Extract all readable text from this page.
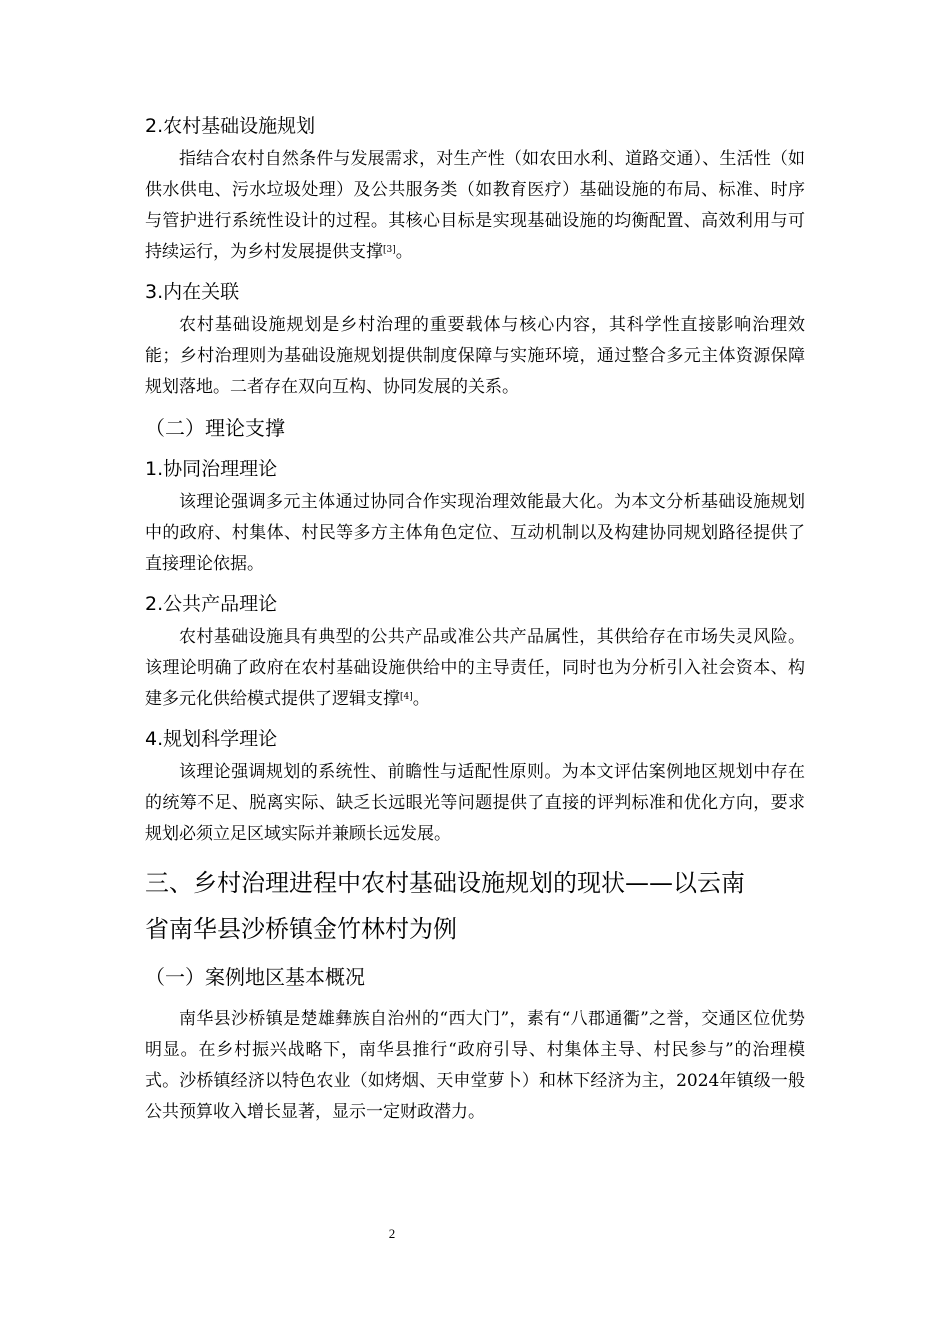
2.农村基础设施规划

指结合农村自然条件与发展需求，对生产性（如农田水利、道路交通）、生活性（如供水供电、污水垃圾处理）及公共服务类（如教育医疗）基础设施的布局、标准、时序与管护进行系统性设计的过程。其核心目标是实现基础设施的均衡配置、高效利用与可持续运行，为乡村发展提供支撑[3]。

3.内在关联

农村基础设施规划是乡村治理的重要载体与核心内容，其科学性直接影响治理效能；乡村治理则为基础设施规划提供制度保障与实施环境，通过整合多元主体资源保障规划落地。二者存在双向互构、协同发展的关系。

（二）理论支撑
1.协同治理理论

该理论强调多元主体通过协同合作实现治理效能最大化。为本文分析基础设施规划中的政府、村集体、村民等多方主体角色定位、互动机制以及构建协同规划路径提供了直接理论依据。

2.公共产品理论

农村基础设施具有典型的公共产品或准公共产品属性，其供给存在市场失灵风险。该理论明确了政府在农村基础设施供给中的主导责任，同时也为分析引入社会资本、构建多元化供给模式提供了逻辑支撑[4]。

4.规划科学理论

该理论强调规划的系统性、前瞻性与适配性原则。为本文评估案例地区规划中存在的统筹不足、脱离实际、缺乏长远眼光等问题提供了直接的评判标准和优化方向，要求规划必须立足区域实际并兼顾长远发展。

三、乡村治理进程中农村基础设施规划的现状——以云南
省南华县沙桥镇金竹林村为例
（一）案例地区基本概况

南华县沙桥镇是楚雄彝族自治州的“西大门”，素有“八郡通衢”之誉，交通区位优势明显。在乡村振兴战略下，南华县推行“政府引导、村集体主导、村民参与”的治理模式。沙桥镇经济以特色农业（如烤烟、天申堂萝卜）和林下经济为主，2024年镇级一般公共预算收入增长显著，显示一定财政潜力。

2
